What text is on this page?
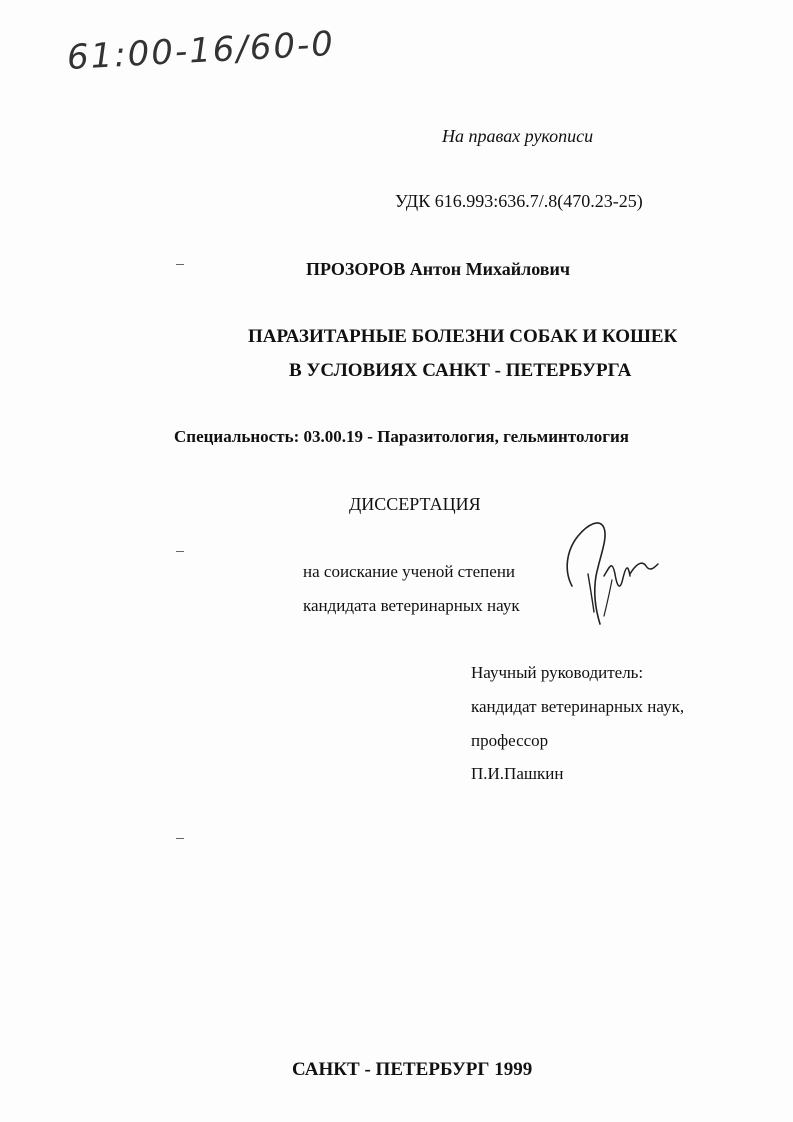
61:00-16/60-0
На правах рукописи
УДК 616.993:636.7/.8(470.23-25)
ПРОЗОРОВ Антон Михайлович
ПАРАЗИТАРНЫЕ БОЛЕЗНИ СОБАК И КОШЕК
В УСЛОВИЯХ САНКТ - ПЕТЕРБУРГА
Специальность: 03.00.19 - Паразитология, гельминтология
ДИССЕРТАЦИЯ
на соискание ученой степени
кандидата ветеринарных наук
Научный руководитель:
кандидат ветеринарных наук,
профессор
П.И.Пашкин
САНКТ - ПЕТЕРБУРГ 1999
